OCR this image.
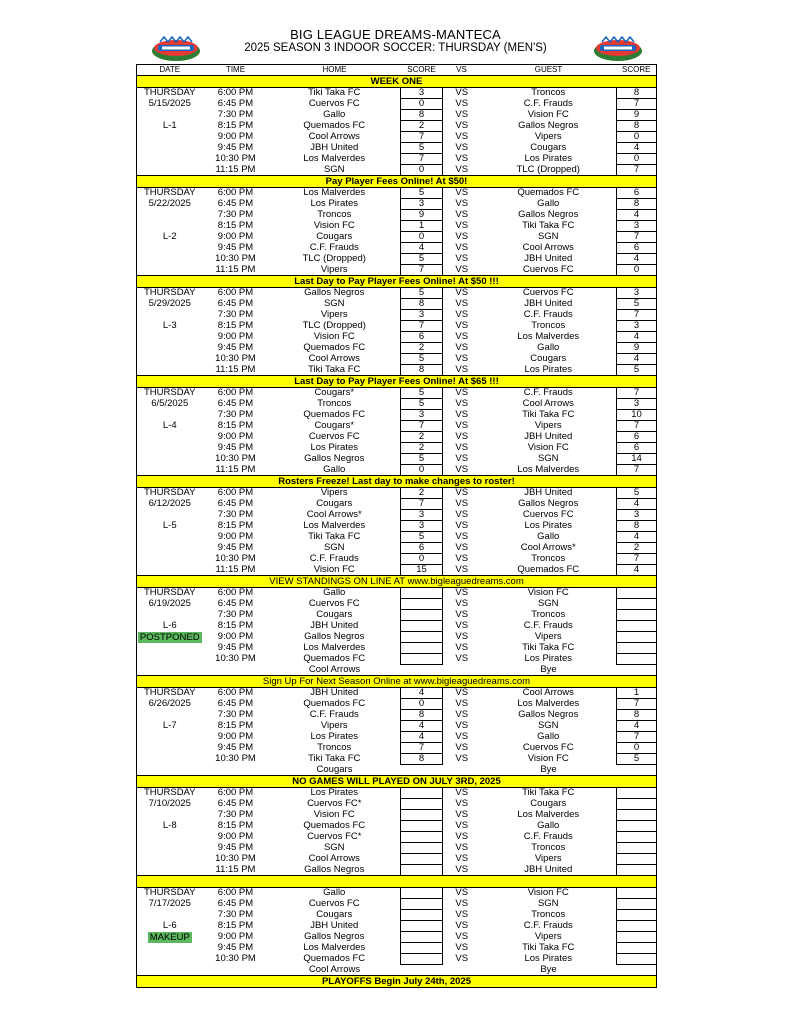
BIG LEAGUE DREAMS-MANTECA
2025 SEASON 3 INDOOR SOCCER: THURSDAY (MEN'S)
DATE	TIME	HOME	SCORE	VS	GUEST	SCORE
WEEK ONE						
THURSDAY	6:00 PM	Tiki Taka FC	3	VS	Troncos	8
5/15/2025	6:45 PM	Cuervos FC	0	VS	C.F. Frauds	7
	7:30 PM	Gallo	8	VS	Vision FC	9
L-1	8:15 PM	Quemados FC	2	VS	Gallos Negros	8
	9:00 PM	Cool Arrows	7	VS	Vipers	0
	9:45 PM	JBH United	5	VS	Cougars	4
	10:30 PM	Los Malverdes	7	VS	Los Pirates	0
	11:15 PM	SGN	0	VS	TLC (Dropped)	7
Pay Player Fees Online! At $50!						
THURSDAY	6:00 PM	Los Malverdes	5	VS	Quemados FC	6
5/22/2025	6:45 PM	Los Pirates	3	VS	Gallo	8
	7:30 PM	Troncos	9	VS	Gallos Negros	4
	8:15 PM	Vision FC	1	VS	Tiki Taka FC	3
L-2	9:00 PM	Cougars	0	VS	SGN	7
	9:45 PM	C.F. Frauds	4	VS	Cool Arrows	6
	10:30 PM	TLC (Dropped)	5	VS	JBH United	4
	11:15 PM	Vipers	7	VS	Cuervos FC	0
Last Day to Pay Player Fees Online! At $50 !!!						
THURSDAY	6:00 PM	Gallos Negros	5	VS	Cuervos FC	3
5/29/2025	6:45 PM	SGN	8	VS	JBH United	5
	7:30 PM	Vipers	3	VS	C.F. Frauds	7
L-3	8:15 PM	TLC (Dropped)	7	VS	Troncos	3
	9:00 PM	Vision FC	6	VS	Los Malverdes	4
	9:45 PM	Quemados FC	2	VS	Gallo	9
	10:30 PM	Cool Arrows	5	VS	Cougars	4
	11:15 PM	Tiki Taka FC	8	VS	Los Pirates	5
Last Day to Pay Player Fees Online! At $65 !!!						
THURSDAY	6:00 PM	Cougars*	5	VS	C.F. Frauds	7
6/5/2025	6:45 PM	Troncos	5	VS	Cool Arrows	3
	7:30 PM	Quemados FC	3	VS	Tiki Taka FC	10
L-4	8:15 PM	Cougars*	7	VS	Vipers	7
	9:00 PM	Cuervos FC	2	VS	JBH United	6
	9:45 PM	Los Pirates	2	VS	Vision FC	6
	10:30 PM	Gallos Negros	5	VS	SGN	14
	11:15 PM	Gallo	0	VS	Los Malverdes	7
Rosters Freeze! Last day to make changes to roster!						
THURSDAY	6:00 PM	Vipers	2	VS	JBH United	5
6/12/2025	6:45 PM	Cougars	7	VS	Gallos Negros	4
	7:30 PM	Cool Arrows*	3	VS	Cuervos FC	3
L-5	8:15 PM	Los Malverdes	3	VS	Los Pirates	8
	9:00 PM	Tiki Taka FC	5	VS	Gallo	4
	9:45 PM	SGN	6	VS	Cool Arrows*	2
	10:30 PM	C.F. Frauds	0	VS	Troncos	7
	11:15 PM	Vision FC	15	VS	Quemados FC	4
VIEW STANDINGS ON LINE AT www.bigleaguedreams.com						
THURSDAY	6:00 PM	Gallo		VS	Vision FC	
6/19/2025	6:45 PM	Cuervos FC		VS	SGN	
	7:30 PM	Cougars		VS	Troncos	
L-6	8:15 PM	JBH United		VS	C.F. Frauds	
POSTPONED	9:00 PM	Gallos Negros		VS	Vipers	
	9:45 PM	Los Malverdes		VS	Tiki Taka FC	
	10:30 PM	Quemados FC		VS	Los Pirates	
		Cool Arrows			Bye	
Sign Up For Next Season Online at www.bigleaguedreams.com						
THURSDAY	6:00 PM	JBH United	4	VS	Cool Arrows	1
6/26/2025	6:45 PM	Quemados FC	0	VS	Los Malverdes	7
	7:30 PM	C.F. Frauds	8	VS	Gallos Negros	8
L-7	8:15 PM	Vipers	4	VS	SGN	4
	9:00 PM	Los Pirates	4	VS	Gallo	7
	9:45 PM	Troncos	7	VS	Cuervos FC	0
	10:30 PM	Tiki Taka FC	8	VS	Vision FC	5
		Cougars			Bye	
NO GAMES WILL PLAYED ON JULY 3RD, 2025						
THURSDAY	6:00 PM	Los Pirates		VS	Tiki Taka FC	
7/10/2025	6:45 PM	Cuervos FC*		VS	Cougars	
	7:30 PM	Vision FC		VS	Los Malverdes	
L-8	8:15 PM	Quemados FC		VS	Gallo	
	9:00 PM	Cuervos FC*		VS	C.F. Frauds	
	9:45 PM	SGN		VS	Troncos	
	10:30 PM	Cool Arrows		VS	Vipers	
	11:15 PM	Gallos Negros		VS	JBH United	

THURSDAY	6:00 PM	Gallo		VS	Vision FC	
7/17/2025	6:45 PM	Cuervos FC		VS	SGN	
	7:30 PM	Cougars		VS	Troncos	
L-6	8:15 PM	JBH United		VS	C.F. Frauds	
MAKEUP	9:00 PM	Gallos Negros		VS	Vipers	
	9:45 PM	Los Malverdes		VS	Tiki Taka FC	
	10:30 PM	Quemados FC		VS	Los Pirates	
		Cool Arrows			Bye	
PLAYOFFS Begin July 24th, 2025						
